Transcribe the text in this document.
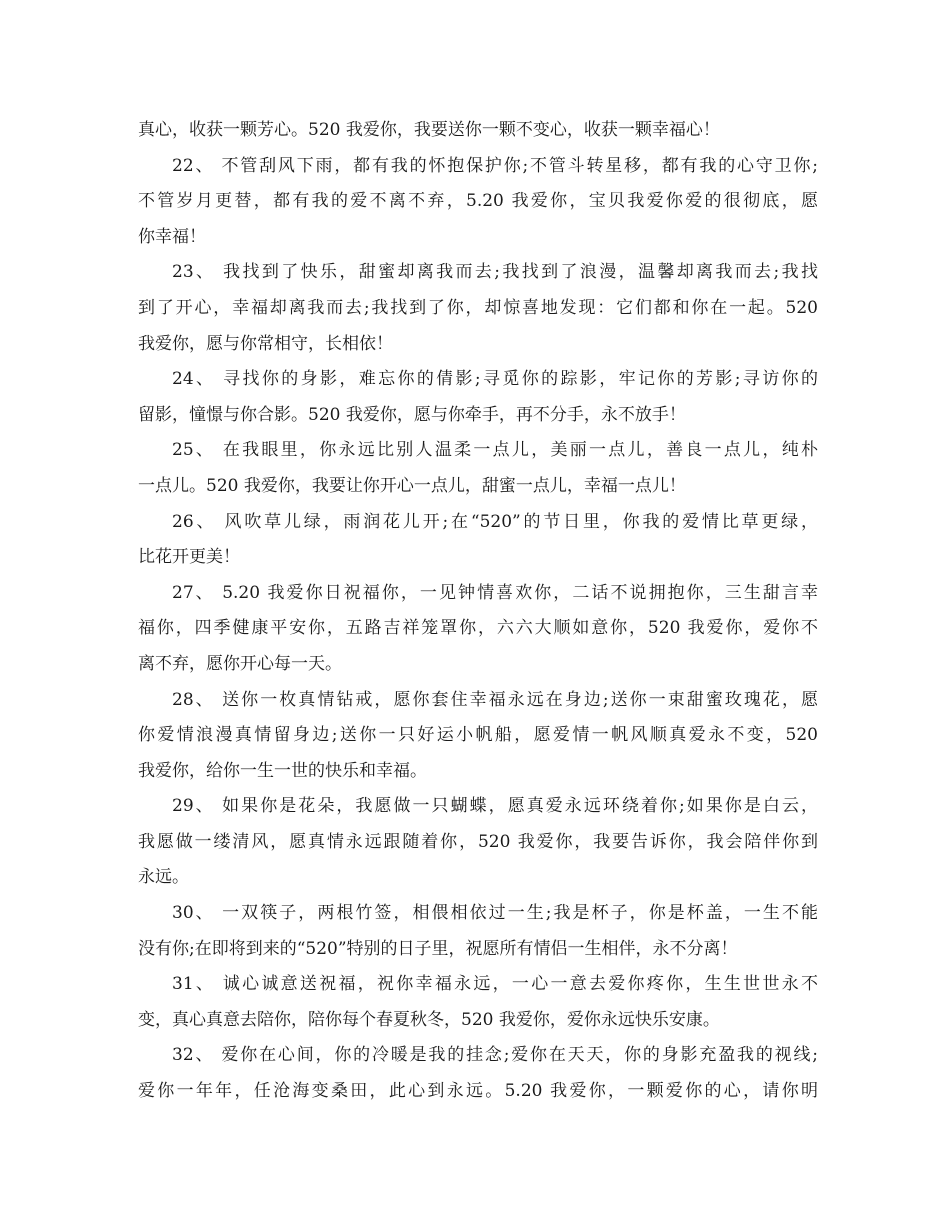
真心，收获一颗芳心。520 我爱你，我要送你一颗不变心，收获一颗幸福心！
22、 不管刮风下雨，都有我的怀抱保护你;不管斗转星移，都有我的心守卫你;
不管岁月更替，都有我的爱不离不弃，5.20 我爱你，宝贝我爱你爱的很彻底，愿
你幸福！
23、 我找到了快乐，甜蜜却离我而去;我找到了浪漫，温馨却离我而去;我找
到了开心，幸福却离我而去;我找到了你，却惊喜地发现：它们都和你在一起。520
我爱你，愿与你常相守，长相依！
24、 寻找你的身影，难忘你的倩影;寻觅你的踪影，牢记你的芳影;寻访你的
留影，憧憬与你合影。520 我爱你，愿与你牵手，再不分手，永不放手！
25、 在我眼里，你永远比别人温柔一点儿，美丽一点儿，善良一点儿，纯朴
一点儿。520 我爱你，我要让你开心一点儿，甜蜜一点儿，幸福一点儿！
26、 风吹草儿绿，雨润花儿开;在“520”的节日里，你我的爱情比草更绿，
比花开更美！
27、 5.20 我爱你日祝福你，一见钟情喜欢你，二话不说拥抱你，三生甜言幸
福你，四季健康平安你，五路吉祥笼罩你，六六大顺如意你，520 我爱你，爱你不
离不弃，愿你开心每一天。
28、 送你一枚真情钻戒，愿你套住幸福永远在身边;送你一束甜蜜玫瑰花，愿
你爱情浪漫真情留身边;送你一只好运小帆船，愿爱情一帆风顺真爱永不变，520
我爱你，给你一生一世的快乐和幸福。
29、 如果你是花朵，我愿做一只蝴蝶，愿真爱永远环绕着你;如果你是白云，
我愿做一缕清风，愿真情永远跟随着你，520 我爱你，我要告诉你，我会陪伴你到
永远。
30、 一双筷子，两根竹签，相偎相依过一生;我是杯子，你是杯盖，一生不能
没有你;在即将到来的“520”特别的日子里，祝愿所有情侣一生相伴，永不分离！
31、 诚心诚意送祝福，祝你幸福永远，一心一意去爱你疼你，生生世世永不
变，真心真意去陪你，陪你每个春夏秋冬，520 我爱你，爱你永远快乐安康。
32、 爱你在心间，你的冷暖是我的挂念;爱你在天天，你的身影充盈我的视线;
爱你一年年，任沧海变桑田，此心到永远。5.20 我爱你，一颗爱你的心，请你明
